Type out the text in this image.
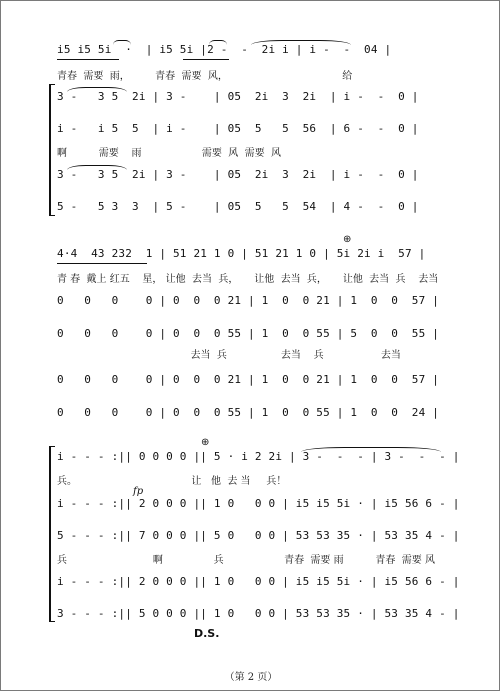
i5 i5 5i  ·  | i5 5i |2 -  -  2i i | i -  -  04 |
青春  需要  雨，        青春  需要  风，                                    给
3 -   3 5  2i | 3 -    | 05  2i  3  2i  | i -  -  0 |
i -   i 5  5  | i -    | 05  5   5  56  | 6 -  -  0 |
啊          需要    雨                   需要  风  需要  风
3 -   3 5  2i | 3 -    | 05  2i  3  2i  | i -  -  0 |
5 -   5 3  3  | 5 -    | 05  5   5  54  | 4 -  -  0 |
⊕
4·4  43 232  1 | 51 21 1 0 | 51 21 1 0 | 5i 2i i  57 |
青 春  戴上 红五    星， 让他  去当  兵，     让他  去当  兵，     让他  去当  兵    去当
0   0   0    0 | 0  0  0 21 | 1  0  0 21 | 1  0  0  57 |
0   0   0    0 | 0  0  0 55 | 1  0  0 55 | 5  0  0  55 |
去当  兵                 去当    兵                  去当
0   0   0    0 | 0  0  0 21 | 1  0  0 21 | 1  0  0  57 |
0   0   0    0 | 0  0  0 55 | 1  0  0 55 | 1  0  0  24 |
⊕
i - - - :|| 0 0 0 0 || 5 · i 2 2i | 3 -  -  - | 3 -  -  - |
兵。                                    让   他  去 当     兵！
fp
i - - - :|| 2 0 0 0 || 1 0   0 0 | i5 i5 5i · | i5 56 6 - |
5 - - - :|| 7 0 0 0 || 5 0   0 0 | 53 53 35 · | 53 35 4 - |
兵                           啊                兵                   青春  需要 雨          青春  需要 风
i - - - :|| 2 0 0 0 || 1 0   0 0 | i5 i5 5i · | i5 56 6 - |
3 - - - :|| 5 0 0 0 || 1 0   0 0 | 53 53 35 · | 53 35 4 - |
D.S.
（第 2 页）
